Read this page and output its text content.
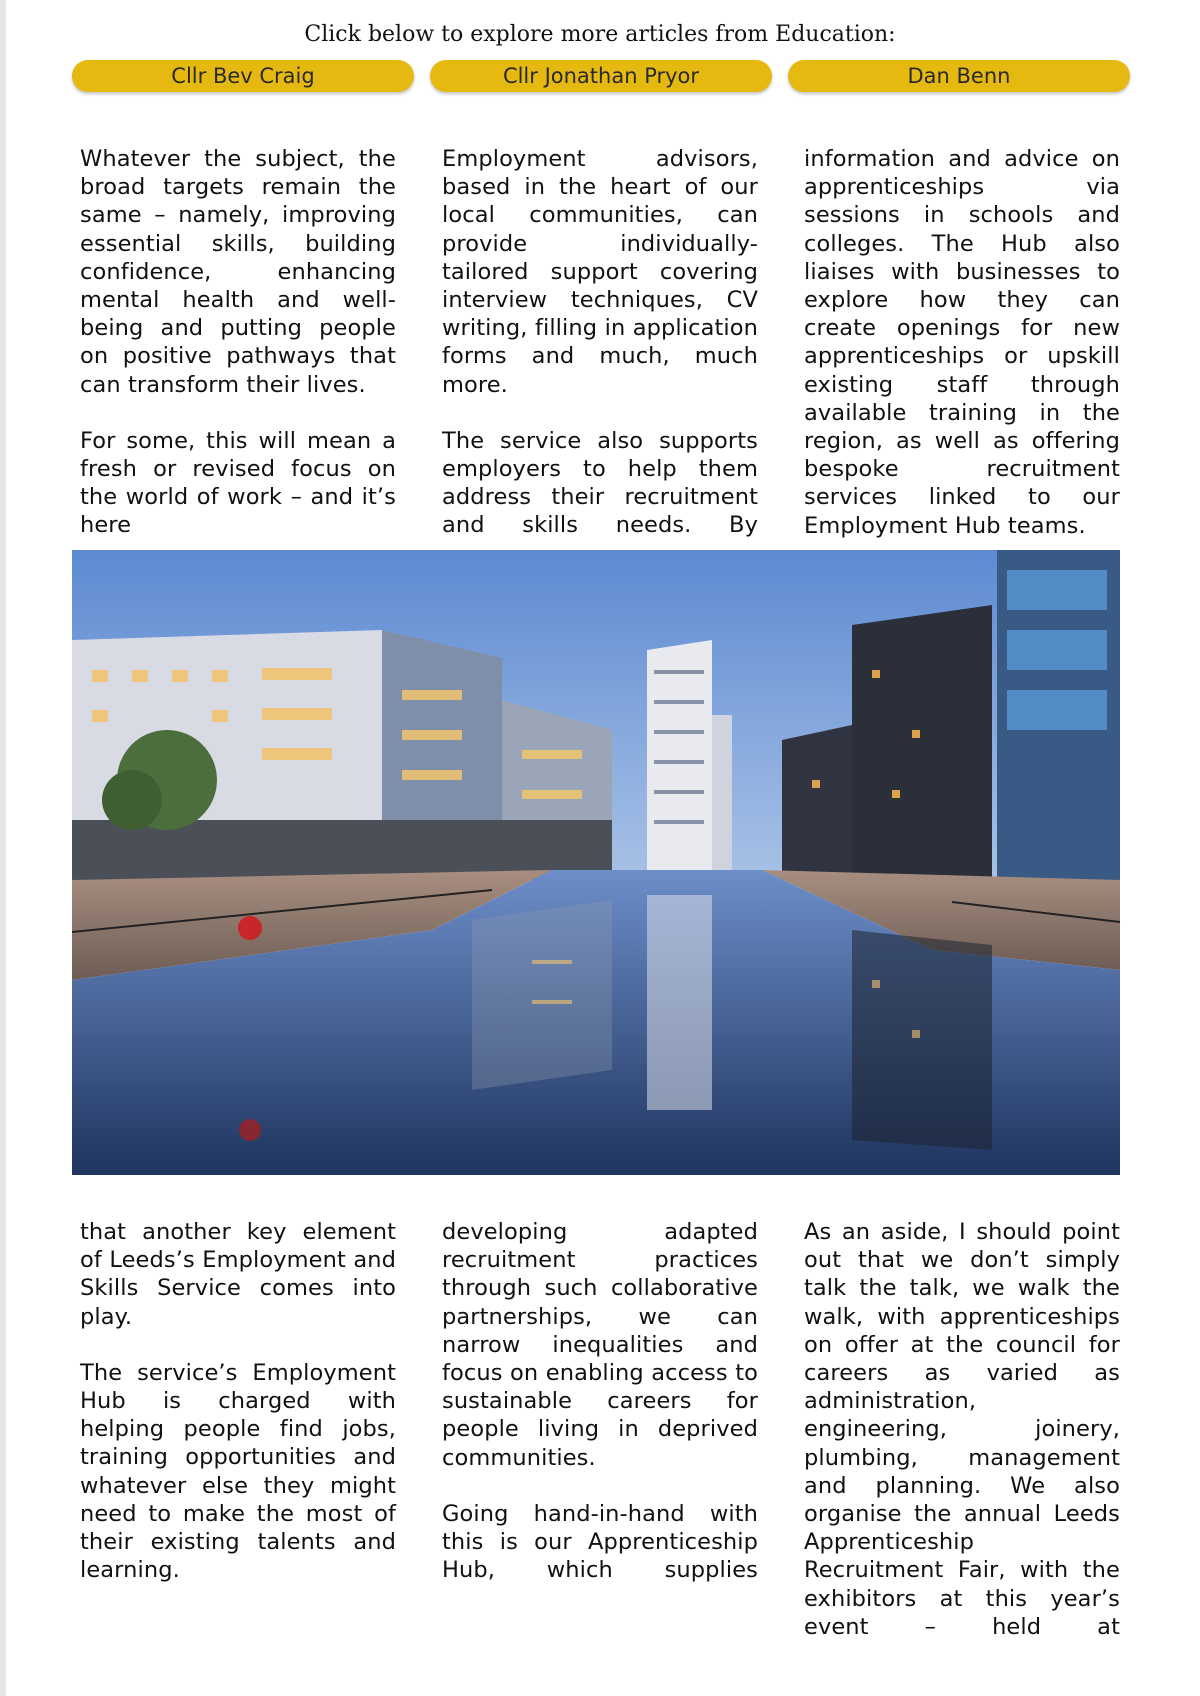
Click below to explore more articles from Education:
Cllr Bev Craig	Cllr Jonathan Pryor	Dan Benn

Whatever the subject, the broad targets remain the same – namely, improving essential skills, building confidence, enhancing mental health and well-being and putting people on positive pathways that can transform their lives.

For some, this will mean a fresh or revised focus on the world of work – and it’s here

Employment advisors, based in the heart of our local communities, can provide individually-tailored support covering interview techniques, CV writing, filling in application forms and much, much more.

The service also supports employers to help them address their recruitment and skills needs. By

information and advice on apprenticeships via sessions in schools and colleges. The Hub also liaises with businesses to explore how they can create openings for new apprenticeships or upskill existing staff through available training in the region, as well as offering bespoke recruitment services linked to our Employment Hub teams.

that another key element of Leeds’s Employment and Skills Service comes into play.

The service’s Employment Hub is charged with helping people find jobs, training opportunities and whatever else they might need to make the most of their existing talents and learning.

developing adapted recruitment practices through such collaborative partnerships, we can narrow inequalities and focus on enabling access to sustainable careers for people living in deprived communities.

Going hand-in-hand with this is our Apprenticeship Hub, which supplies

As an aside, I should point out that we don’t simply talk the talk, we walk the walk, with apprenticeships on offer at the council for careers as varied as administration, engineering, joinery, plumbing, management and planning. We also organise the annual Leeds Apprenticeship Recruitment Fair, with the exhibitors at this year’s event – held at
